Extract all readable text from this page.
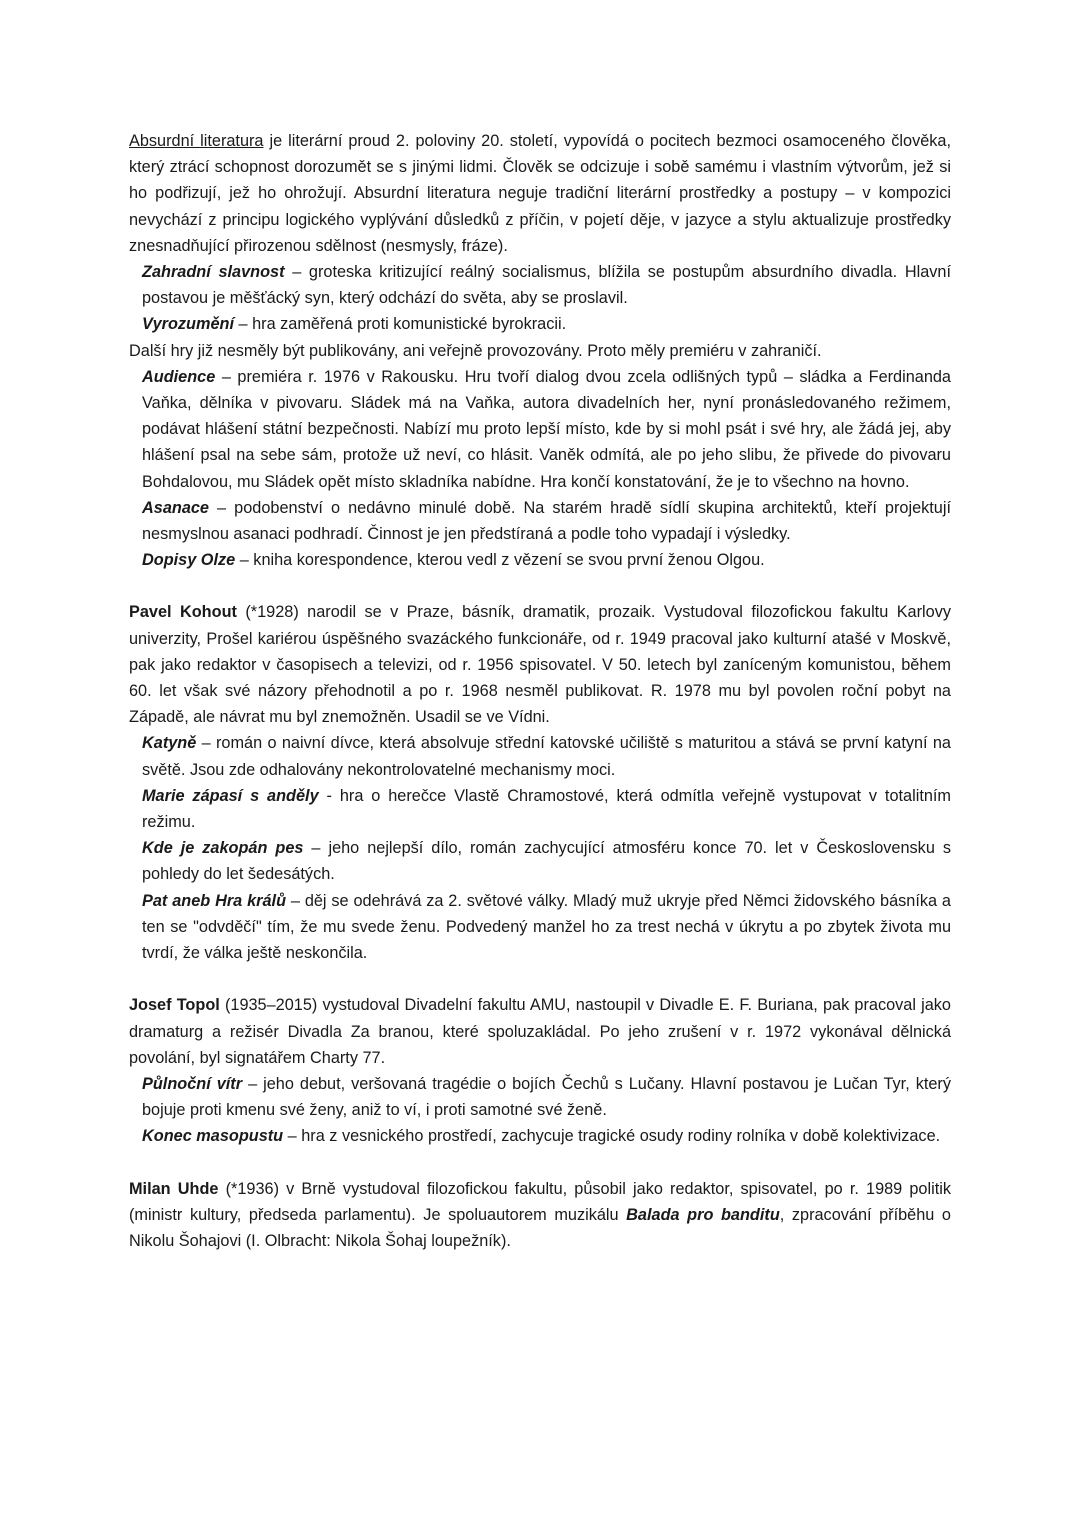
Absurdní literatura je literární proud 2. poloviny 20. století, vypovídá o pocitech bezmoci osamoceného člověka, který ztrácí schopnost dorozumět se s jinými lidmi. Člověk se odcizuje i sobě samému i vlastním výtvorům, jež si ho podřizují, jež ho ohrožují. Absurdní literatura neguje tradiční literární prostředky a postupy – v kompozici nevychází z principu logického vyplývání důsledků z příčin, v pojetí děje, v jazyce a stylu aktualizuje prostředky znesnadňující přirozenou sdělnost (nesmysly, fráze).

Zahradní slavnost – groteska kritizující reálný socialismus, blížila se postupům absurdního divadla. Hlavní postavou je měšťácký syn, který odchází do světa, aby se proslavil.

Vyrozumění – hra zaměřená proti komunistické byrokracii.

Další hry již nesměly být publikovány, ani veřejně provozovány. Proto měly premiéru v zahraničí.

Audience – premiéra r. 1976 v Rakousku. Hru tvoří dialog dvou zcela odlišných typů – sládka a Ferdinanda Vaňka, dělníka v pivovaru. Sládek má na Vaňka, autora divadelních her, nyní pronásledovaného režimem, podávat hlášení státní bezpečnosti. Nabízí mu proto lepší místo, kde by si mohl psát i své hry, ale žádá jej, aby hlášení psal na sebe sám, protože už neví, co hlásit. Vaněk odmítá, ale po jeho slibu, že přivede do pivovaru Bohdalovou, mu Sládek opět místo skladníka nabídne. Hra končí konstatování, že je to všechno na hovno.

Asanace – podobenství o nedávno minulé době. Na starém hradě sídlí skupina architektů, kteří projektují nesmyslnou asanaci podhradí. Činnost je jen předstíraná a podle toho vypadají i výsledky.

Dopisy Olze – kniha korespondence, kterou vedl z vězení se svou první ženou Olgou.

Pavel Kohout (*1928) narodil se v Praze, básník, dramatik, prozaik. Vystudoval filozofickou fakultu Karlovy univerzity, Prošel kariérou úspěšného svazáckého funkcionáře, od r. 1949 pracoval jako kulturní atašé v Moskvě, pak jako redaktor v časopisech a televizi, od r. 1956 spisovatel. V 50. letech byl zaníceným komunistou, během 60. let však své názory přehodnotil a po r. 1968 nesměl publikovat. R. 1978 mu byl povolen roční pobyt na Západě, ale návrat mu byl znemožněn. Usadil se ve Vídni.

Katyně – román o naivní dívce, která absolvuje střední katovské učiliště s maturitou a stává se první katyní na světě. Jsou zde odhalovány nekontrolovatelné mechanismy moci.

Marie zápasí s anděly - hra o herečce Vlastě Chramostové, která odmítla veřejně vystupovat v totalitním režimu.

Kde je zakopán pes – jeho nejlepší dílo, román zachycující atmosféru konce 70. let v Československu s pohledy do let šedesátých.

Pat aneb Hra králů – děj se odehrává za 2. světové války. Mladý muž ukryje před Němci židovského básníka a ten se "odvděčí" tím, že mu svede ženu. Podvedený manžel ho za trest nechá v úkrytu a po zbytek života mu tvrdí, že válka ještě neskončila.

Josef Topol (1935–2015) vystudoval Divadelní fakultu AMU, nastoupil v Divadle E. F. Buriana, pak pracoval jako dramaturg a režisér Divadla Za branou, které spoluzakládal. Po jeho zrušení v r. 1972 vykonával dělnická povolání, byl signatářem Charty 77.

Půlnoční vítr – jeho debut, veršovaná tragédie o bojích Čechů s Lučany. Hlavní postavou je Lučan Tyr, který bojuje proti kmenu své ženy, aniž to ví, i proti samotné své ženě.

Konec masopustu – hra z vesnického prostředí, zachycuje tragické osudy rodiny rolníka v době kolektivizace.

Milan Uhde (*1936) v Brně vystudoval filozofickou fakultu, působil jako redaktor, spisovatel, po r. 1989 politik (ministr kultury, předseda parlamentu). Je spoluautorem muzikálu Balada pro banditu, zpracování příběhu o Nikolu Šohajovi (I. Olbracht: Nikola Šohaj loupežník).
